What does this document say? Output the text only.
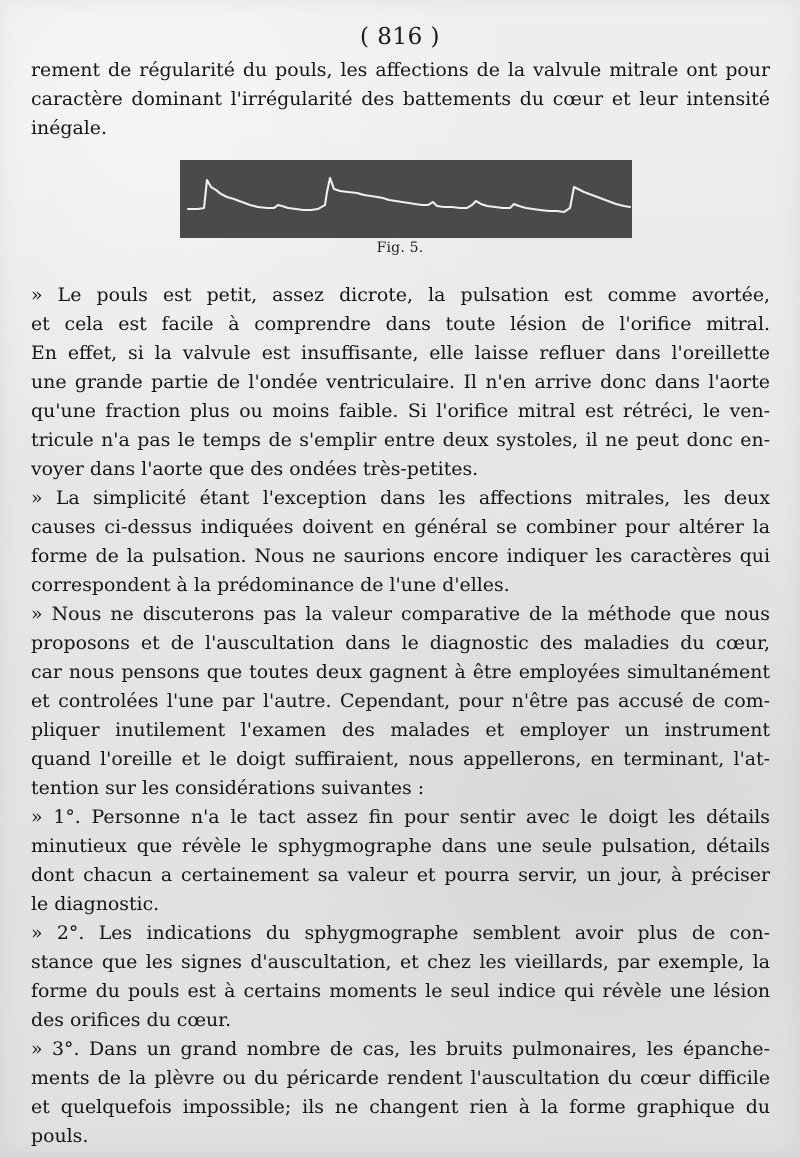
( 816 )
rement de régularité du pouls, les affections de la valvule mitrale ont pour
caractère dominant l'irrégularité des battements du cœur et leur intensité
inégale.
Fig. 5.
» Le pouls est petit, assez dicrote, la pulsation est comme avortée,
et cela est facile à comprendre dans toute lésion de l'orifice mitral.
En effet, si la valvule est insuffisante, elle laisse refluer dans l'oreillette
une grande partie de l'ondée ventriculaire. Il n'en arrive donc dans l'aorte
qu'une fraction plus ou moins faible. Si l'orifice mitral est rétréci, le ven-
tricule n'a pas le temps de s'emplir entre deux systoles, il ne peut donc en-
voyer dans l'aorte que des ondées très-petites.
» La simplicité étant l'exception dans les affections mitrales, les deux
causes ci-dessus indiquées doivent en général se combiner pour altérer la
forme de la pulsation. Nous ne saurions encore indiquer les caractères qui
correspondent à la prédominance de l'une d'elles.
» Nous ne discuterons pas la valeur comparative de la méthode que nous
proposons et de l'auscultation dans le diagnostic des maladies du cœur,
car nous pensons que toutes deux gagnent à être employées simultanément
et controlées l'une par l'autre. Cependant, pour n'être pas accusé de com-
pliquer inutilement l'examen des malades et employer un instrument
quand l'oreille et le doigt suffiraient, nous appellerons, en terminant, l'at-
tention sur les considérations suivantes :
» 1°. Personne n'a le tact assez fin pour sentir avec le doigt les détails
minutieux que révèle le sphygmographe dans une seule pulsation, détails
dont chacun a certainement sa valeur et pourra servir, un jour, à préciser
le diagnostic.
» 2°. Les indications du sphygmographe semblent avoir plus de con-
stance que les signes d'auscultation, et chez les vieillards, par exemple, la
forme du pouls est à certains moments le seul indice qui révèle une lésion
des orifices du cœur.
» 3°. Dans un grand nombre de cas, les bruits pulmonaires, les épanche-
ments de la plèvre ou du péricarde rendent l'auscultation du cœur difficile
et quelquefois impossible; ils ne changent rien à la forme graphique du
pouls.
